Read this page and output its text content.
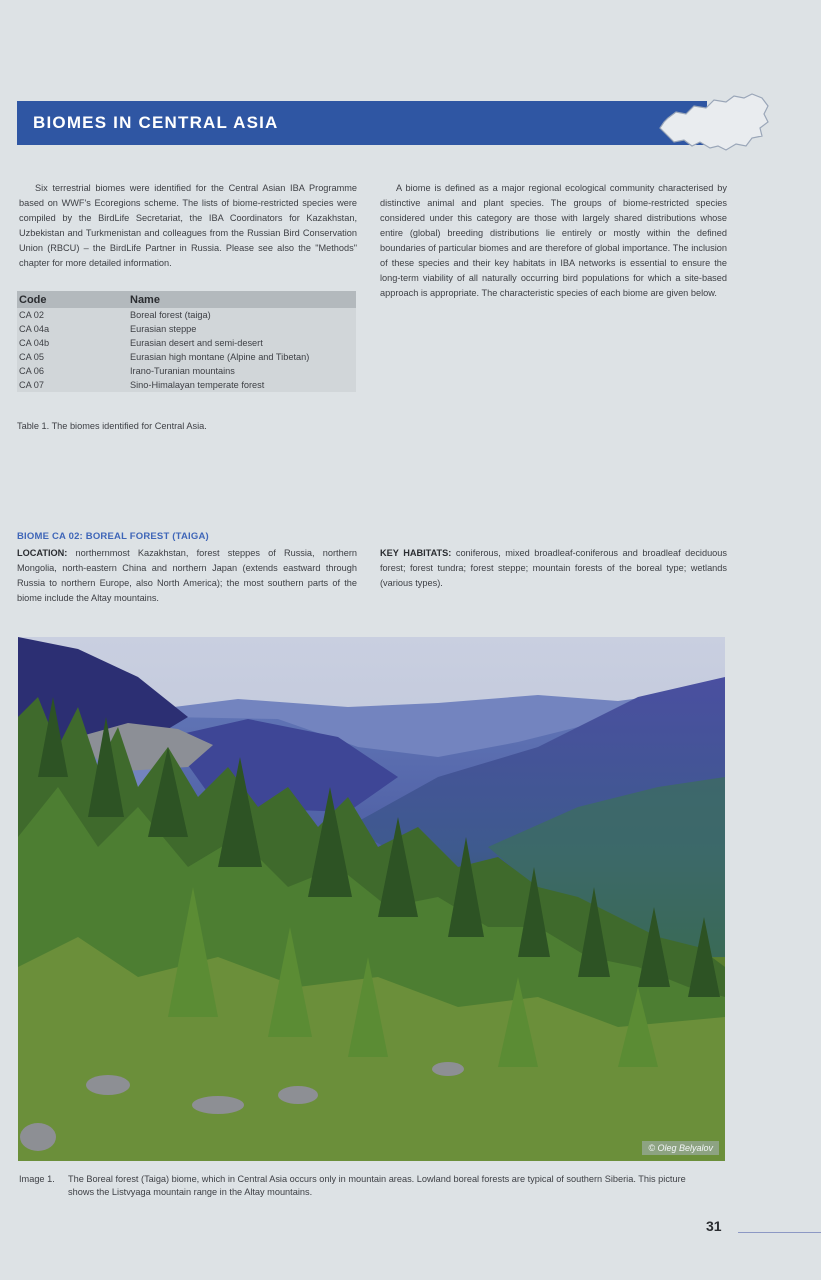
BIOMES IN CENTRAL ASIA

Six terrestrial biomes were identified for the Central Asian IBA Programme based on WWF's Ecoregions scheme. The lists of biome-restricted species were compiled by the BirdLife Secretariat, the IBA Coordinators for Kazakhstan, Uzbekistan and Turkmenistan and colleagues from the Russian Bird Conservation Union (RBCU) – the BirdLife Partner in Russia. Please see also the "Methods" chapter for more detailed information.

A biome is defined as a major regional ecological community characterised by distinctive animal and plant species. The groups of biome-restricted species considered under this category are those with largely shared distributions whose entire (global) breeding distributions lie entirely or mostly within the defined boundaries of particular biomes and are therefore of global importance. The inclusion of these species and their key habitats in IBA networks is essential to ensure the long-term viability of all naturally occurring bird populations for which a site-based approach is appropriate. The characteristic species of each biome are given below.

Code	Name
CA 02	Boreal forest (taiga)
CA 04a	Eurasian steppe
CA 04b	Eurasian desert and semi-desert
CA 05	Eurasian high montane (Alpine and Tibetan)
CA 06	Irano-Turanian mountains
CA 07	Sino-Himalayan temperate forest
Table 1. The biomes identified for Central Asia.
BIOME CA 02: BOREAL FOREST (TAIGA)

LOCATION: northernmost Kazakhstan, forest steppes of Russia, northern Mongolia, north-eastern China and northern Japan (extends eastward through Russia to northern Europe, also North America); the most southern parts of the biome include the Altay mountains.

KEY HABITATS: coniferous, mixed broadleaf-coniferous and broadleaf deciduous forest; forest tundra; forest steppe; mountain forests of the boreal type; wetlands (various types).

© Oleg Belyalov
Image 1. The Boreal forest (Taiga) biome, which in Central Asia occurs only in mountain areas. Lowland boreal forests are typical of southern Siberia. This picture shows the Listvyaga mountain range in the Altay mountains.
31
